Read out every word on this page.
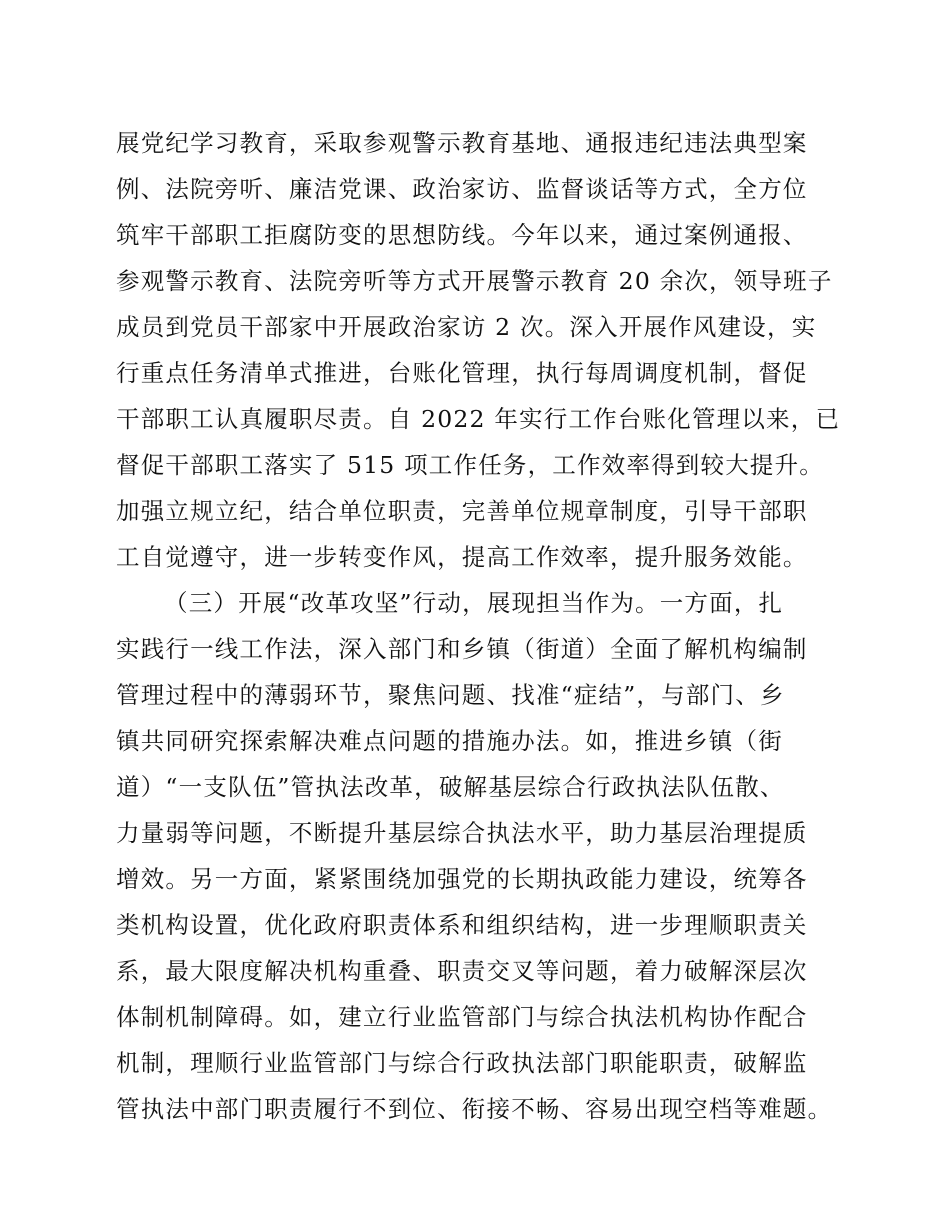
展党纪学习教育，采取参观警示教育基地、通报违纪违法典型案
例、法院旁听、廉洁党课、政治家访、监督谈话等方式，全方位
筑牢干部职工拒腐防变的思想防线。今年以来，通过案例通报、
参观警示教育、法院旁听等方式开展警示教育 20 余次，领导班子
成员到党员干部家中开展政治家访 2 次。深入开展作风建设，实
行重点任务清单式推进，台账化管理，执行每周调度机制，督促
干部职工认真履职尽责。自 2022 年实行工作台账化管理以来，已
督促干部职工落实了 515 项工作任务，工作效率得到较大提升。
加强立规立纪，结合单位职责，完善单位规章制度，引导干部职
工自觉遵守，进一步转变作风，提高工作效率，提升服务效能。
（三）开展“改革攻坚”行动，展现担当作为。一方面，扎
实践行一线工作法，深入部门和乡镇（街道）全面了解机构编制
管理过程中的薄弱环节，聚焦问题、找准“症结”，与部门、乡
镇共同研究探索解决难点问题的措施办法。如，推进乡镇（街
道）“一支队伍”管执法改革，破解基层综合行政执法队伍散、
力量弱等问题，不断提升基层综合执法水平，助力基层治理提质
增效。另一方面，紧紧围绕加强党的长期执政能力建设，统筹各
类机构设置，优化政府职责体系和组织结构，进一步理顺职责关
系，最大限度解决机构重叠、职责交叉等问题，着力破解深层次
体制机制障碍。如，建立行业监管部门与综合执法机构协作配合
机制，理顺行业监管部门与综合行政执法部门职能职责，破解监
管执法中部门职责履行不到位、衔接不畅、容易出现空档等难题。
